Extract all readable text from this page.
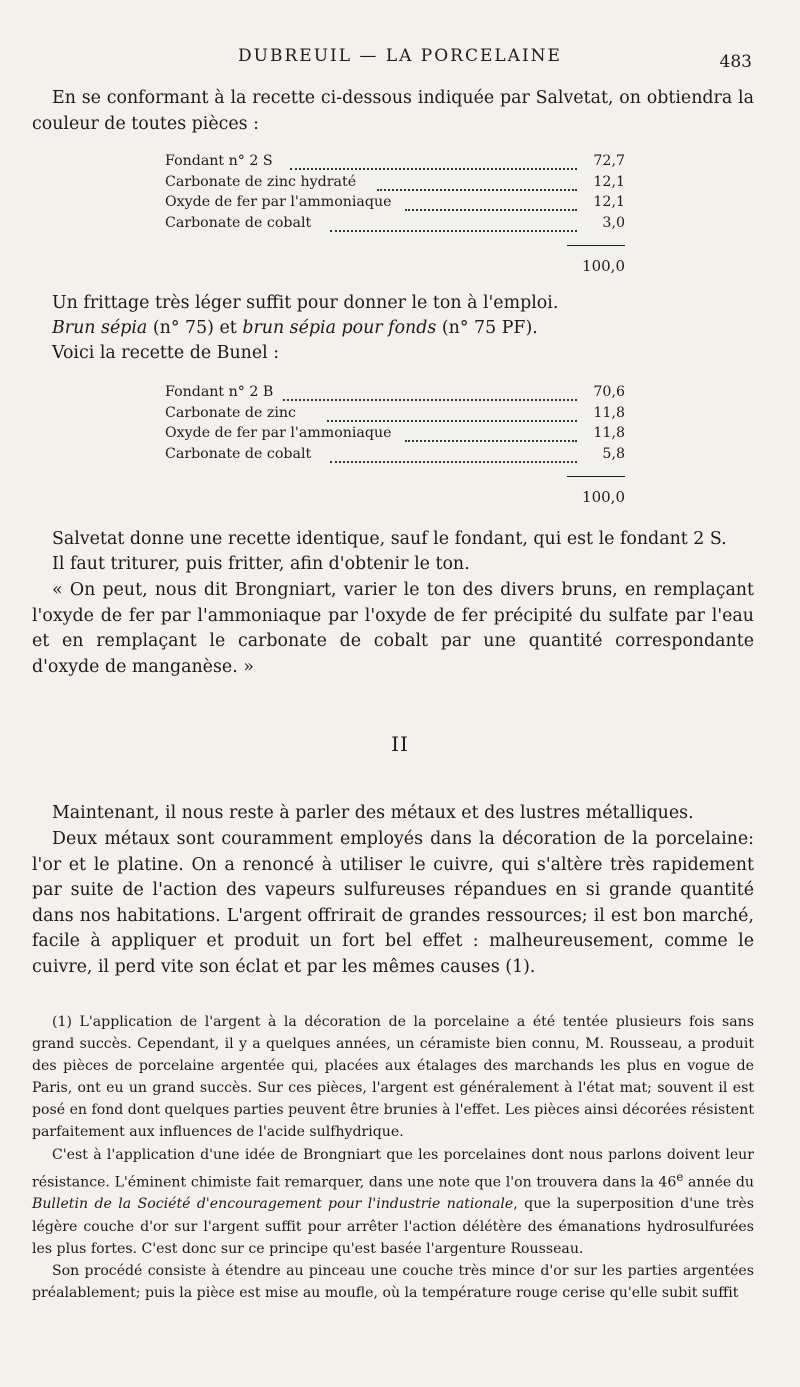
DUBREUIL — LA PORCELAINE	483

En se conformant à la recette ci-dessous indiquée par Salvetat, on obtiendra la couleur de toutes pièces :

Fondant n° 2 S	72,7
Carbonate de zinc hydraté	12,1
Oxyde de fer par l'ammoniaque	12,1
Carbonate de cobalt	3,0
100,0

Un frittage très léger suffit pour donner le ton à l'emploi.

Brun sépia (n° 75) et brun sépia pour fonds (n° 75 PF).

Voici la recette de Bunel :

Fondant n° 2 B	70,6
Carbonate de zinc	11,8
Oxyde de fer par l'ammoniaque	11,8
Carbonate de cobalt	5,8
100,0

Salvetat donne une recette identique, sauf le fondant, qui est le fondant 2 S.

Il faut triturer, puis fritter, afin d'obtenir le ton.

« On peut, nous dit Brongniart, varier le ton des divers bruns, en remplaçant l'oxyde de fer par l'ammoniaque par l'oxyde de fer précipité du sulfate par l'eau et en remplaçant le carbonate de cobalt par une quantité correspondante d'oxyde de manganèse. »

II

Maintenant, il nous reste à parler des métaux et des lustres métalliques.

Deux métaux sont couramment employés dans la décoration de la porcelaine: l'or et le platine. On a renoncé à utiliser le cuivre, qui s'altère très rapidement par suite de l'action des vapeurs sulfureuses répandues en si grande quantité dans nos habitations. L'argent offrirait de grandes ressources; il est bon marché, facile à appliquer et produit un fort bel effet : malheureusement, comme le cuivre, il perd vite son éclat et par les mêmes causes (1).

(1) L'application de l'argent à la décoration de la porcelaine a été tentée plusieurs fois sans grand succès. Cependant, il y a quelques années, un céramiste bien connu, M. Rousseau, a produit des pièces de porcelaine argentée qui, placées aux étalages des marchands les plus en vogue de Paris, ont eu un grand succès. Sur ces pièces, l'argent est généralement à l'état mat; souvent il est posé en fond dont quelques parties peuvent être brunies à l'effet. Les pièces ainsi décorées résistent parfaitement aux influences de l'acide sulfhydrique.

C'est à l'application d'une idée de Brongniart que les porcelaines dont nous parlons doivent leur résistance. L'éminent chimiste fait remarquer, dans une note que l'on trouvera dans la 46e année du Bulletin de la Société d'encouragement pour l'industrie nationale, que la superposition d'une très légère couche d'or sur l'argent suffit pour arrêter l'action délétère des émanations hydrosulfurées les plus fortes. C'est donc sur ce principe qu'est basée l'argenture Rousseau.

Son procédé consiste à étendre au pinceau une couche très mince d'or sur les parties argentées préalablement; puis la pièce est mise au moufle, où la température rouge cerise qu'elle subit suffit
